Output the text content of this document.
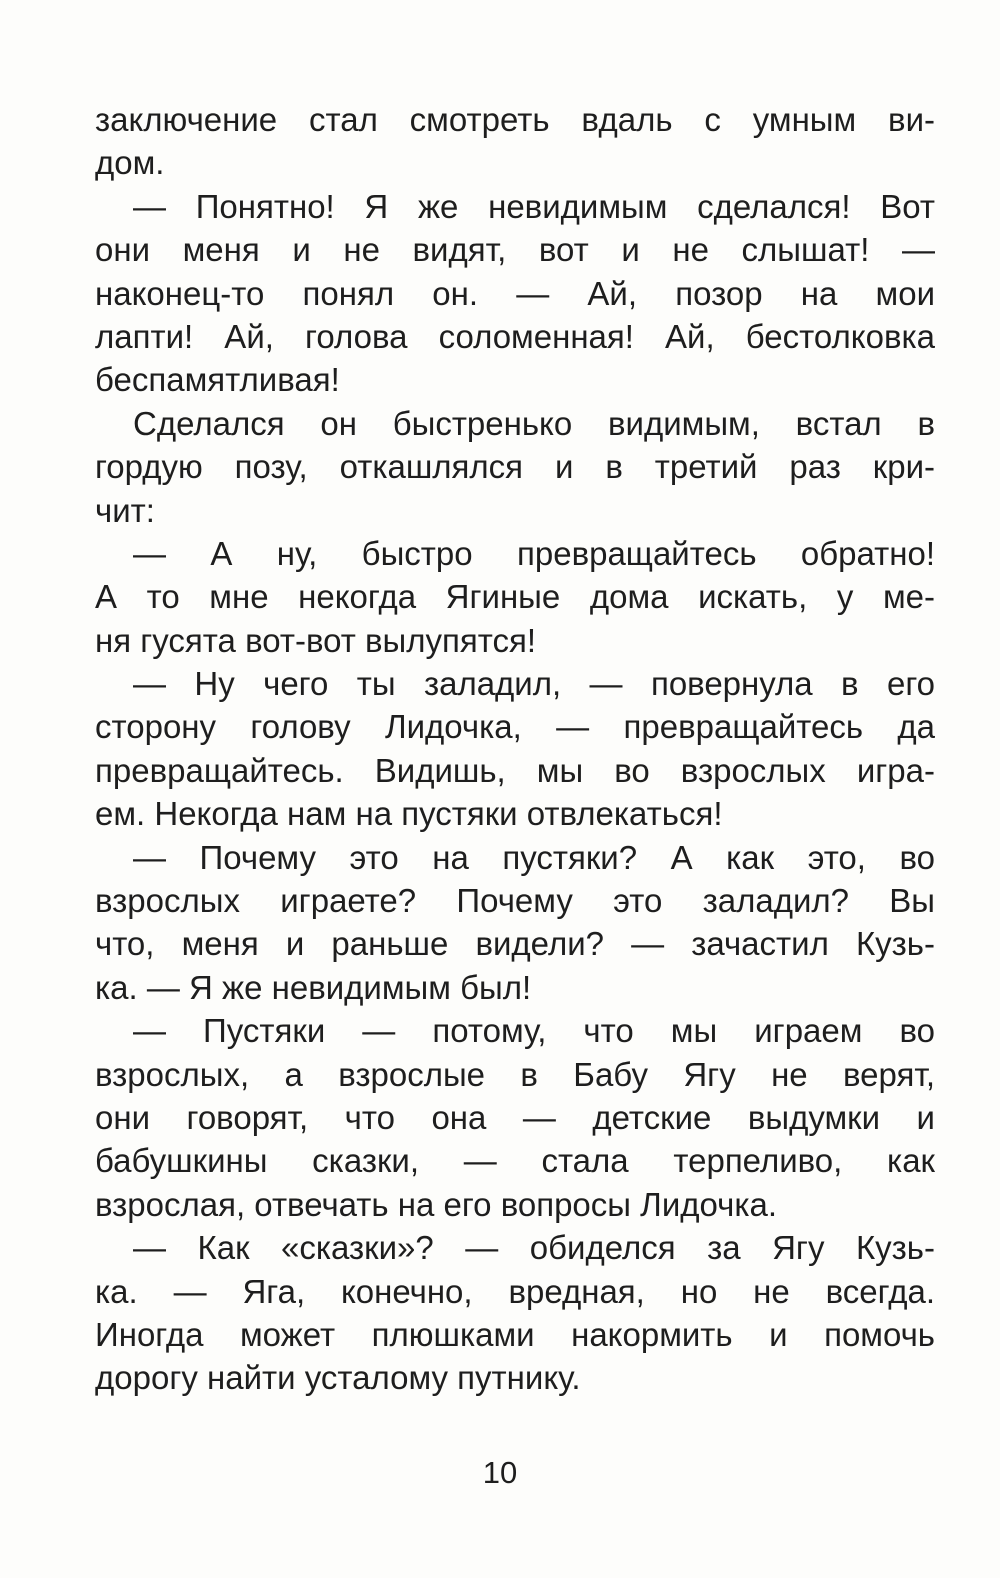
заключение стал смотреть вдаль с умным ви-
дом.
— Понятно! Я же невидимым сделался! Вот
они меня и не видят, вот и не слышат! —
наконец-то понял он. — Ай, позор на мои
лапти! Ай, голова соломенная! Ай, бестолковка
беспамятливая!
Сделался он быстренько видимым, встал в
гордую позу, откашлялся и в третий раз кри-
чит:
— А ну, быстро превращайтесь обратно!
А то мне некогда Ягиные дома искать, у ме-
ня гусята вот-вот вылупятся!
— Ну чего ты заладил, — повернула в его
сторону голову Лидочка, — превращайтесь да
превращайтесь. Видишь, мы во взрослых игра-
ем. Некогда нам на пустяки отвлекаться!
— Почему это на пустяки? А как это, во
взрослых играете? Почему это заладил? Вы
что, меня и раньше видели? — зачастил Кузь-
ка. — Я же невидимым был!
— Пустяки — потому, что мы играем во
взрослых, а взрослые в Бабу Ягу не верят,
они говорят, что она — детские выдумки и
бабушкины сказки, — стала терпеливо, как
взрослая, отвечать на его вопросы Лидочка.
— Как «сказки»? — обиделся за Ягу Кузь-
ка. — Яга, конечно, вредная, но не всегда.
Иногда может плюшками накормить и помочь
дорогу найти усталому путнику.
10
